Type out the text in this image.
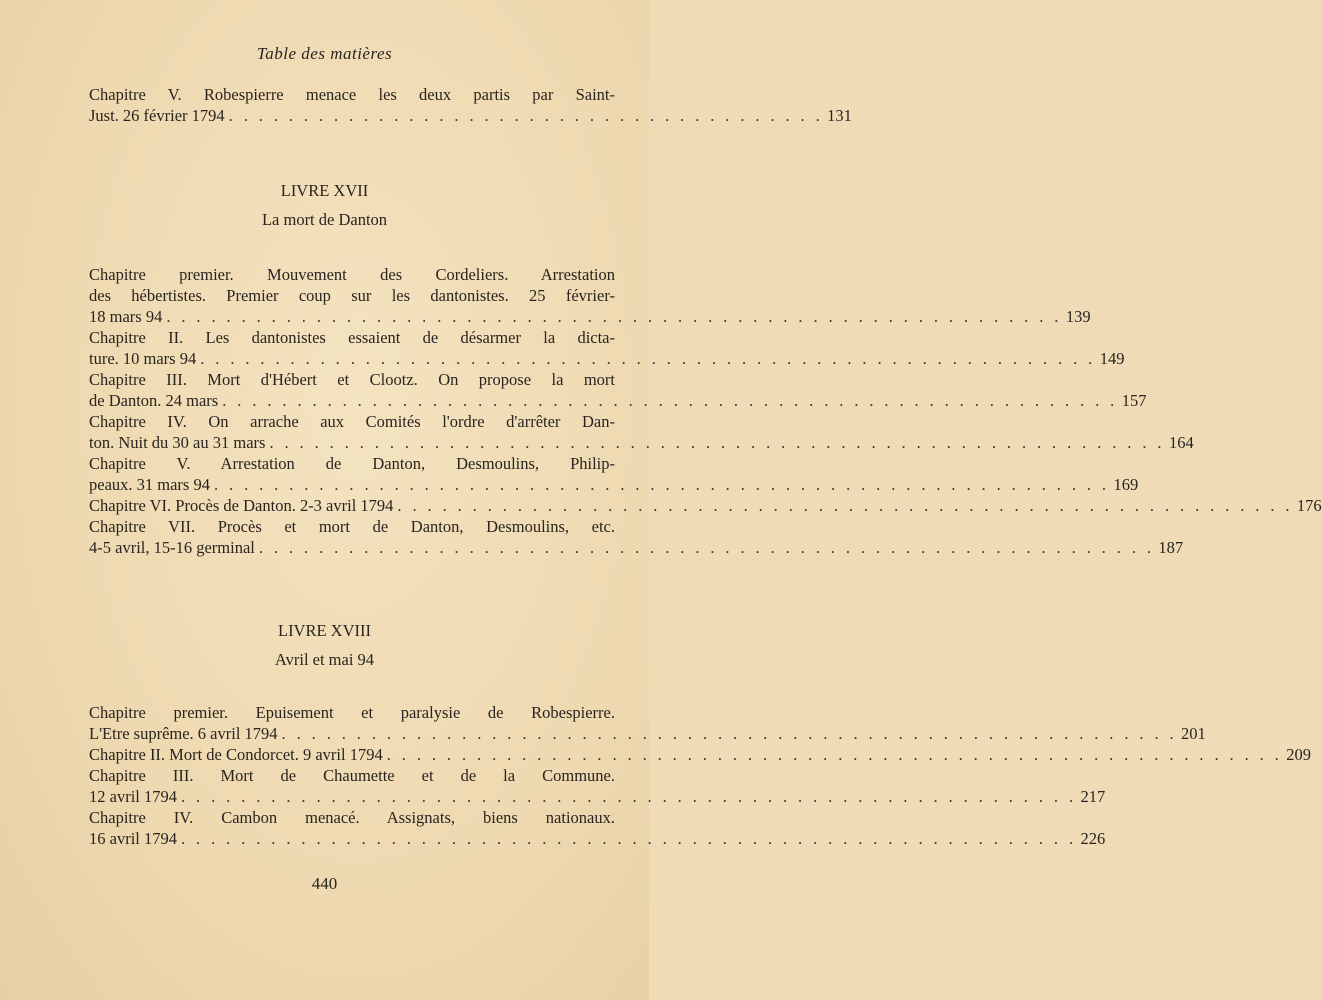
Table des matières
Chapitre V. Robespierre menace les deux partis par Saint-
Just. 26 février 1794 . . . . . . . . . . . . . . . . . . . . . . . . . . . . . . . . . . . . . . . . 131
LIVRE XVII
La mort de Danton
Chapitre premier. Mouvement des Cordeliers. Arrestation
des hébertistes. Premier coup sur les dantonistes. 25 février-
18 mars 94 . . . . . . . . . . . . . . . . . . . . . . . . . . . . . . . . . . . . . . . . . . . . . . . . . . . . . . . . . . . . 139
Chapitre II. Les dantonistes essaient de désarmer la dicta-
ture. 10 mars 94 . . . . . . . . . . . . . . . . . . . . . . . . . . . . . . . . . . . . . . . . . . . . . . . . . . . . . . . . . . . . 149
Chapitre III. Mort d'Hébert et Clootz. On propose la mort
de Danton. 24 mars . . . . . . . . . . . . . . . . . . . . . . . . . . . . . . . . . . . . . . . . . . . . . . . . . . . . . . . . . . . . 157
Chapitre IV. On arrache aux Comités l'ordre d'arrêter Dan-
ton. Nuit du 30 au 31 mars . . . . . . . . . . . . . . . . . . . . . . . . . . . . . . . . . . . . . . . . . . . . . . . . . . . . . . . . . . . . 164
Chapitre V. Arrestation de Danton, Desmoulins, Philip-
peaux. 31 mars 94 . . . . . . . . . . . . . . . . . . . . . . . . . . . . . . . . . . . . . . . . . . . . . . . . . . . . . . . . . . . . 169
Chapitre VI. Procès de Danton. 2-3 avril 1794 . . . . . . . . . . . . . . . . . . . . . . . . . . . . . . . . . . . . . . . . . . . . . . . . . . . . . . . . . . . . 176
Chapitre VII. Procès et mort de Danton, Desmoulins, etc.
4-5 avril, 15-16 germinal . . . . . . . . . . . . . . . . . . . . . . . . . . . . . . . . . . . . . . . . . . . . . . . . . . . . . . . . . . . . 187
LIVRE XVIII
Avril et mai 94
Chapitre premier. Epuisement et paralysie de Robespierre.
L'Etre suprême. 6 avril 1794 . . . . . . . . . . . . . . . . . . . . . . . . . . . . . . . . . . . . . . . . . . . . . . . . . . . . . . . . . . . . 201
Chapitre II. Mort de Condorcet. 9 avril 1794 . . . . . . . . . . . . . . . . . . . . . . . . . . . . . . . . . . . . . . . . . . . . . . . . . . . . . . . . . . . . 209
Chapitre III. Mort de Chaumette et de la Commune.
12 avril 1794 . . . . . . . . . . . . . . . . . . . . . . . . . . . . . . . . . . . . . . . . . . . . . . . . . . . . . . . . . . . . 217
Chapitre IV. Cambon menacé. Assignats, biens nationaux.
16 avril 1794 . . . . . . . . . . . . . . . . . . . . . . . . . . . . . . . . . . . . . . . . . . . . . . . . . . . . . . . . . . . . 226
440
